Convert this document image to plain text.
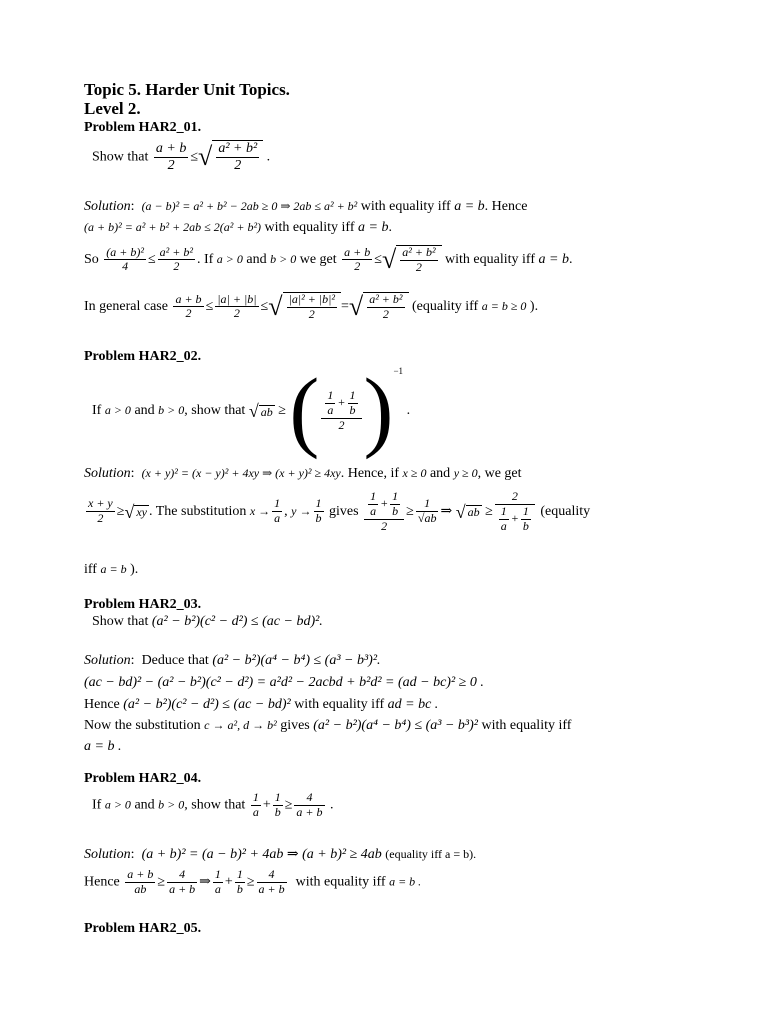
Topic 5. Harder Unit Topics.
Level 2.
Problem HAR2_01.
Show that $\frac{a + b}{2}$ ≤√ $\frac{\text{a² + b²}}{2}$ .
Solution:  (a − b)² = a² + b² − 2ab ≥ 0 ⇒ 2ab ≤ a² + b² with equality iff a = b. Hence
(a + b)² = a² + b² + 2ab ≤ 2(a² + b²) with equality iff a = b.
So $\frac{\text{(a + b)²}}{4} \le \frac{\text{a² + b²}}{2}$ . If a > 0 and b > 0 we get $\frac{a + b}{2}$ ≤√ $\frac{\text{a² + b²}}{2}$ with equality iff a = b.
In general case $\frac{a + b}{2} \le \frac{|a| + |b|}{2}$ ≤√ $\frac{\text{|a|² + |b|²}}{2}$ =√ $\frac{\text{a² + b²}}{2}$ (equality iff a = b ≥ 0 ).
Problem HAR2_02.
If a > 0 and b > 0, show that √ ab ≥ ( $\frac{\frac{1}{a} + \frac{1}{b}}{2} )^{-1}$ .
Solution:  (x + y)² = (x − y)² + 4xy ⇒ (x + y)² ≥ 4xy. Hence, if x ≥ 0 and y ≥ 0, we get
$\frac{x + y}{2}$ ≥√ xy . The substitution $x \to \frac{1}{a}$ , $y \to \frac{1}{b}$ gives $\frac{\frac{1}{a} + \frac{1}{b}}{2} \ge \frac{1}{√ab}$ ⇒ √ ab ≥ $\frac{2}{\frac{1}{a} + \frac{1}{b}}$ (equality
iff a = b ).
Problem HAR2_03.
Show that (a² − b²)(c² − d²) ≤ (ac − bd)².
Solution:  Deduce that (a² − b²)(a⁴ − b⁴) ≤ (a³ − b³)².
(ac − bd)² − (a² − b²)(c² − d²) = a²d² − 2acbd + b²d² = (ad − bc)² ≥ 0 .
Hence (a² − b²)(c² − d²) ≤ (ac − bd)² with equality iff ad = bc .
Now the substitution c → a², d → b² gives (a² − b²)(a⁴ − b⁴) ≤ (a³ − b³)² with equality iff
a = b .
Problem HAR2_04.
If a > 0 and b > 0, show that $\frac{1}{a} + \frac{1}{b} \ge \frac{4}{a + b}$ .
Solution:  (a + b)² = (a − b)² + 4ab ⇒ (a + b)² ≥ 4ab (equality iff a = b).
Hence $\frac{a + b}{ab} \ge \frac{4}{a + b}$ ⇒ $\frac{1}{a} + \frac{1}{b} \ge \frac{4}{a + b}$ with equality iff a = b .
Problem HAR2_05.
